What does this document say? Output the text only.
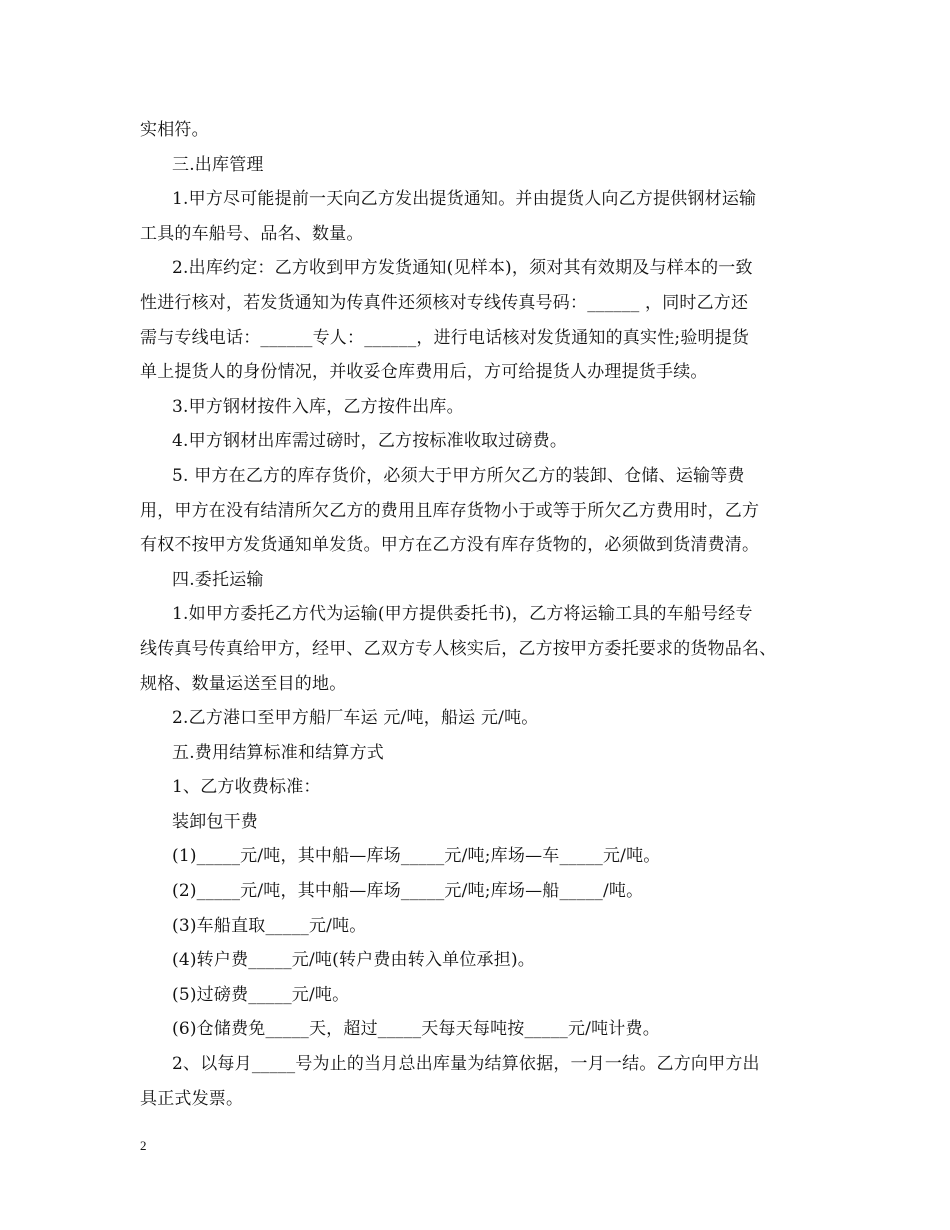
实相符。
三.出库管理
1.甲方尽可能提前一天向乙方发出提货通知。并由提货人向乙方提供钢材运输
工具的车船号、品名、数量。
2.出库约定：乙方收到甲方发货通知(见样本)，须对其有效期及与样本的一致
性进行核对，若发货通知为传真件还须核对专线传真号码：______ ，同时乙方还
需与专线电话：______专人：______，进行电话核对发货通知的真实性;验明提货
单上提货人的身份情况，并收妥仓库费用后，方可给提货人办理提货手续。
3.甲方钢材按件入库，乙方按件出库。
4.甲方钢材出库需过磅时，乙方按标准收取过磅费。
5. 甲方在乙方的库存货价，必须大于甲方所欠乙方的装卸、仓储、运输等费
用，甲方在没有结清所欠乙方的费用且库存货物小于或等于所欠乙方费用时，乙方
有权不按甲方发货通知单发货。甲方在乙方没有库存货物的，必须做到货清费清。
四.委托运输
1.如甲方委托乙方代为运输(甲方提供委托书)，乙方将运输工具的车船号经专
线传真号传真给甲方，经甲、乙双方专人核实后，乙方按甲方委托要求的货物品名、
规格、数量运送至目的地。
2.乙方港口至甲方船厂车运 元/吨，船运 元/吨。
五.费用结算标准和结算方式
1、乙方收费标准：
装卸包干费
(1)_____元/吨，其中船—库场_____元/吨;库场—车_____元/吨。
(2)_____元/吨，其中船—库场_____元/吨;库场—船_____/吨。
(3)车船直取_____元/吨。
(4)转户费_____元/吨(转户费由转入单位承担)。
(5)过磅费_____元/吨。
(6)仓储费免_____天，超过_____天每天每吨按_____元/吨计费。
2、以每月_____号为止的当月总出库量为结算依据，一月一结。乙方向甲方出
具正式发票。
2
